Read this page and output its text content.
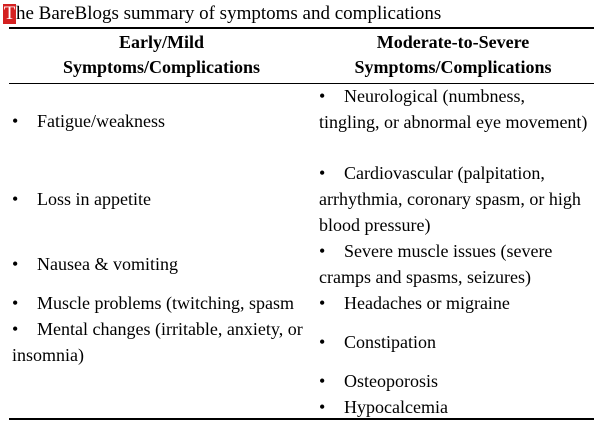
The BareBlogs summary of symptoms and complications
Early/Mild
Symptoms/Complications
Moderate-to-Severe
Symptoms/Complications
• Fatigue/weakness
• Loss in appetite
• Nausea & vomiting
• Muscle problems (twitching, spasm
• Mental changes (irritable, anxiety, or insomnia)
• Neurological (numbness, tingling, or abnormal eye movement)
• Cardiovascular (palpitation, arrhythmia, coronary spasm, or high blood pressure)
• Severe muscle issues (severe cramps and spasms, seizures)
• Headaches or migraine
• Constipation
• Osteoporosis
• Hypocalcemia
